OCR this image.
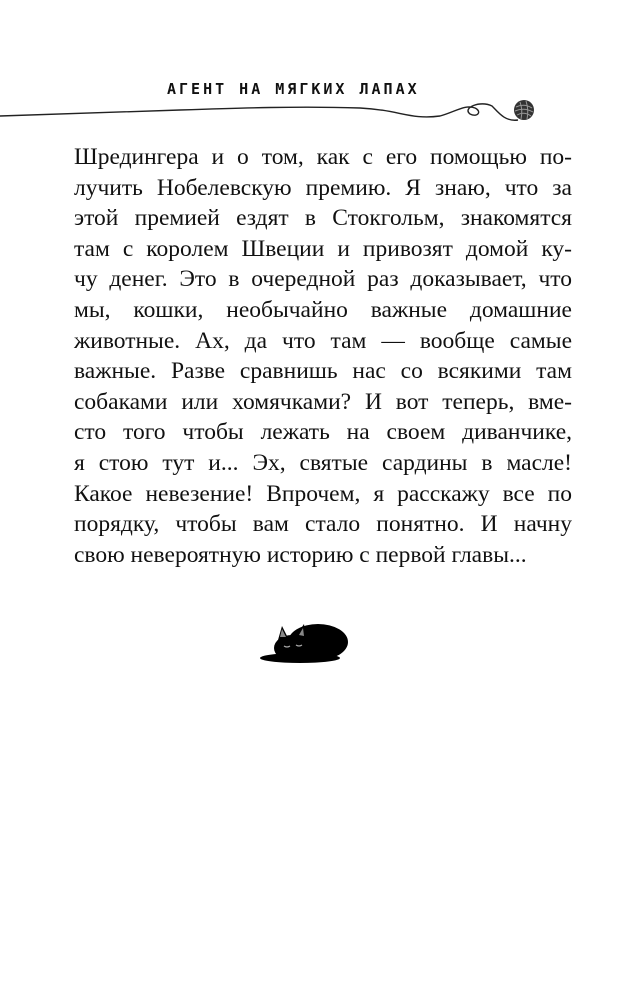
АГЕНТ НА МЯГКИХ ЛАПАХ
Шредингера и о том, как с его помощью по-
лучить Нобелевскую премию. Я знаю, что за
этой премией ездят в Стокгольм, знакомятся
там с королем Швеции и привозят домой ку-
чу денег. Это в очередной раз доказывает, что
мы, кошки, необычайно важные домашние
животные. Ах, да что там — вообще самые
важные. Разве сравнишь нас со всякими там
собаками или хомячками? И вот теперь, вме-
сто того чтобы лежать на своем диванчике,
я стою тут и... Эх, святые сардины в масле!
Какое невезение! Впрочем, я расскажу все по
порядку, чтобы вам стало понятно. И начну
свою невероятную историю с первой главы...
